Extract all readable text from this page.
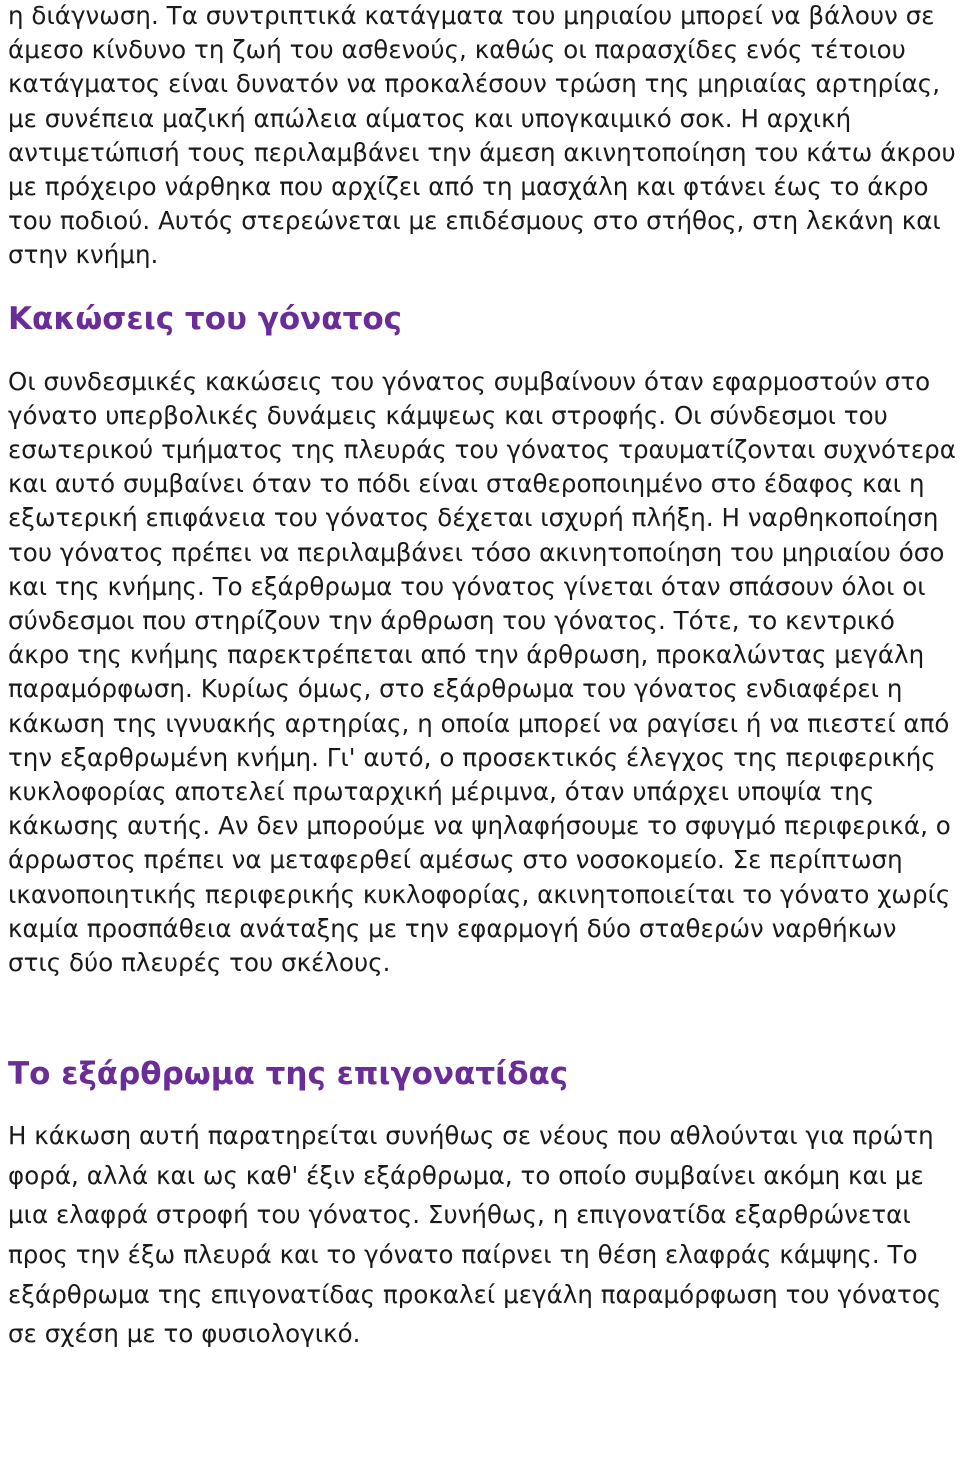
η διάγνωση. Τα συντριπτικά κατάγματα του μηριαίου μπορεί να βάλουν σε άμεσο κίνδυνο τη ζωή του ασθενούς, καθώς οι παρασχίδες ενός τέτοιου κατάγματος είναι δυνατόν να προκαλέσουν τρώση της μηριαίας αρτηρίας, με συνέπεια μαζική απώλεια αίματος και υπογκαιμικό σοκ. Η αρχική αντιμετώπισή τους περιλαμβάνει την άμεση ακινητοποίηση του κάτω άκρου με πρόχειρο νάρθηκα που αρχίζει από τη μασχάλη και φτάνει έως το άκρο του ποδιού. Αυτός στερεώνεται με επιδέσμους στο στήθος, στη λεκάνη και στην κνήμη.

Κακώσεις του γόνατος

Οι συνδεσμικές κακώσεις του γόνατος συμβαίνουν όταν εφαρμοστούν στο γόνατο υπερβολικές δυνάμεις κάμψεως και στροφής. Οι σύνδεσμοι του εσωτερικού τμήματος της πλευράς του γόνατος τραυματίζονται συχνότερα και αυτό συμβαίνει όταν το πόδι είναι σταθεροποιημένο στο έδαφος και η εξωτερική επιφάνεια του γόνατος δέχεται ισχυρή πλήξη. Η ναρθηκοποίηση του γόνατος πρέπει να περιλαμβάνει τόσο ακινητοποίηση του μηριαίου όσο και της κνήμης. Το εξάρθρωμα του γόνατος γίνεται όταν σπάσουν όλοι οι σύνδεσμοι που στηρίζουν την άρθρωση του γόνατος. Τότε, το κεντρικό άκρο της κνήμης παρεκτρέπεται από την άρθρωση, προκαλώντας μεγάλη παραμόρφωση. Κυρίως όμως, στο εξάρθρωμα του γόνατος ενδιαφέρει η κάκωση της ιγνυακής αρτηρίας, η οποία μπορεί να ραγίσει ή να πιεστεί από την εξαρθρωμένη κνήμη. Γι' αυτό, ο προσεκτικός έλεγχος της περιφερικής κυκλοφορίας αποτελεί πρωταρχική μέριμνα, όταν υπάρχει υποψία της κάκωσης αυτής. Αν δεν μπορούμε να ψηλαφήσουμε το σφυγμό περιφερικά, ο άρρωστος πρέπει να μεταφερθεί αμέσως στο νοσοκομείο. Σε περίπτωση ικανοποιητικής περιφερικής κυκλοφορίας, ακινητοποιείται το γόνατο χωρίς καμία προσπάθεια ανάταξης με την εφαρμογή δύο σταθερών ναρθήκων στις δύο πλευρές του σκέλους.

Το εξάρθρωμα της επιγονατίδας

Η κάκωση αυτή παρατηρείται συνήθως σε νέους που αθλούνται για πρώτη φορά, αλλά και ως καθ' έξιν εξάρθρωμα, το οποίο συμβαίνει ακόμη και με μια ελαφρά στροφή του γόνατος. Συνήθως, η επιγονατίδα εξαρθρώνεται προς την έξω πλευρά και το γόνατο παίρνει τη θέση ελαφράς κάμψης. Το εξάρθρωμα της επιγονατίδας προκαλεί μεγάλη παραμόρφωση του γόνατος σε σχέση με το φυσιολογικό.
